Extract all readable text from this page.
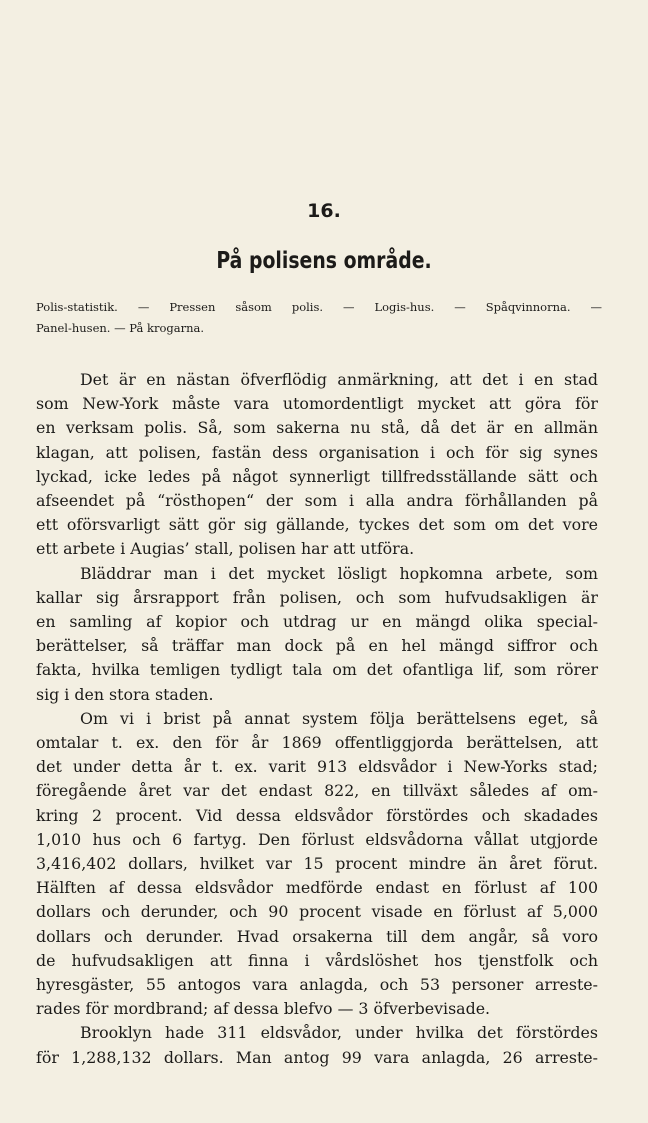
16.
På polisens område.
Polis-statistik. — Pressen såsom polis. — Logis-hus. — Spåqvinnorna. —
Panel-husen. — På krogarna.
Det är en nästan öfverflödig anmärkning, att det i en stad
som New-York måste vara utomordentligt mycket att göra för
en verksam polis. Så, som sakerna nu stå, då det är en allmän
klagan, att polisen, fastän dess organisation i och för sig synes
lyckad, icke ledes på något synnerligt tillfredsställande sätt och
afseendet på “rösthopen“ der som i alla andra förhållanden på
ett oförsvarligt sätt gör sig gällande, tyckes det som om det vore
ett arbete i Augias’ stall, polisen har att utföra.
Bläddrar man i det mycket lösligt hopkomna arbete, som
kallar sig årsrapport från polisen, och som hufvudsakligen är
en samling af kopior och utdrag ur en mängd olika special-
berättelser, så träffar man dock på en hel mängd siffror och
fakta, hvilka temligen tydligt tala om det ofantliga lif, som rörer
sig i den stora staden.
Om vi i brist på annat system följa berättelsens eget, så
omtalar t. ex. den för år 1869 offentliggjorda berättelsen, att
det under detta år t. ex. varit 913 eldsvådor i New-Yorks stad;
föregående året var det endast 822, en tillväxt således af om-
kring 2 procent. Vid dessa eldsvådor förstördes och skadades
1,010 hus och 6 fartyg. Den förlust eldsvådorna vållat utgjorde
3,416,402 dollars, hvilket var 15 procent mindre än året förut.
Hälften af dessa eldsvådor medförde endast en förlust af 100
dollars och derunder, och 90 procent visade en förlust af 5,000
dollars och derunder. Hvad orsakerna till dem angår, så voro
de hufvudsakligen att finna i vårdslöshet hos tjenstfolk och
hyresgäster, 55 antogos vara anlagda, och 53 personer arreste-
rades för mordbrand; af dessa blefvo — 3 öfverbevisade.
Brooklyn hade 311 eldsvådor, under hvilka det förstördes
för 1,288,132 dollars. Man antog 99 vara anlagda, 26 arreste-
